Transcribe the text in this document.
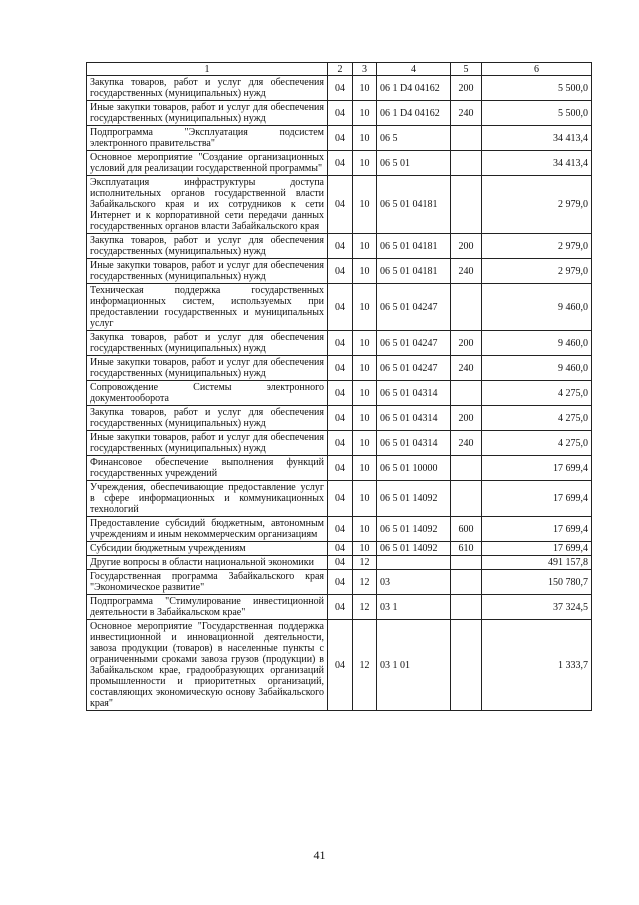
1	2	3	4	5	6
Закупка товаров, работ и услуг для обеспечения государственных (муниципальных) нужд	04	10	06 1 D4 04162	200	5 500,0
Иные закупки товаров, работ и услуг для обеспечения государственных (муниципальных) нужд	04	10	06 1 D4 04162	240	5 500,0
Подпрограмма "Эксплуатация подсистем электронного правительства"	04	10	06 5		34 413,4
Основное мероприятие "Создание организационных условий для реализации государственной программы"	04	10	06 5 01		34 413,4
Эксплуатация инфраструктуры доступа исполнительных органов государственной власти Забайкальского края и их сотрудников к сети Интернет и к корпоративной сети передачи данных государственных органов власти Забайкальского края	04	10	06 5 01 04181		2 979,0
Закупка товаров, работ и услуг для обеспечения государственных (муниципальных) нужд	04	10	06 5 01 04181	200	2 979,0
Иные закупки товаров, работ и услуг для обеспечения государственных (муниципальных) нужд	04	10	06 5 01 04181	240	2 979,0
Техническая поддержка государственных информационных систем, используемых при предоставлении государственных и муниципальных услуг	04	10	06 5 01 04247		9 460,0
Закупка товаров, работ и услуг для обеспечения государственных (муниципальных) нужд	04	10	06 5 01 04247	200	9 460,0
Иные закупки товаров, работ и услуг для обеспечения государственных (муниципальных) нужд	04	10	06 5 01 04247	240	9 460,0
Сопровождение Системы электронного документооборота	04	10	06 5 01 04314		4 275,0
Закупка товаров, работ и услуг для обеспечения государственных (муниципальных) нужд	04	10	06 5 01 04314	200	4 275,0
Иные закупки товаров, работ и услуг для обеспечения государственных (муниципальных) нужд	04	10	06 5 01 04314	240	4 275,0
Финансовое обеспечение выполнения функций государственных учреждений	04	10	06 5 01 10000		17 699,4
Учреждения, обеспечивающие предоставление услуг в сфере информационных и коммуникационных технологий	04	10	06 5 01 14092		17 699,4
Предоставление субсидий бюджетным, автономным учреждениям и иным некоммерческим организациям	04	10	06 5 01 14092	600	17 699,4
Субсидии бюджетным учреждениям	04	10	06 5 01 14092	610	17 699,4
Другие вопросы в области национальной экономики	04	12			491 157,8
Государственная программа Забайкальского края "Экономическое развитие"	04	12	03		150 780,7
Подпрограмма "Стимулирование инвестиционной деятельности в Забайкальском крае"	04	12	03 1		37 324,5
Основное мероприятие "Государственная поддержка инвестиционной и инновационной деятельности, завоза продукции (товаров) в населенные пункты с ограниченными сроками завоза грузов (продукции) в Забайкальском крае, градообразующих организаций промышленности и приоритетных организаций, составляющих экономическую основу Забайкальского края"	04	12	03 1 01		1 333,7
41
